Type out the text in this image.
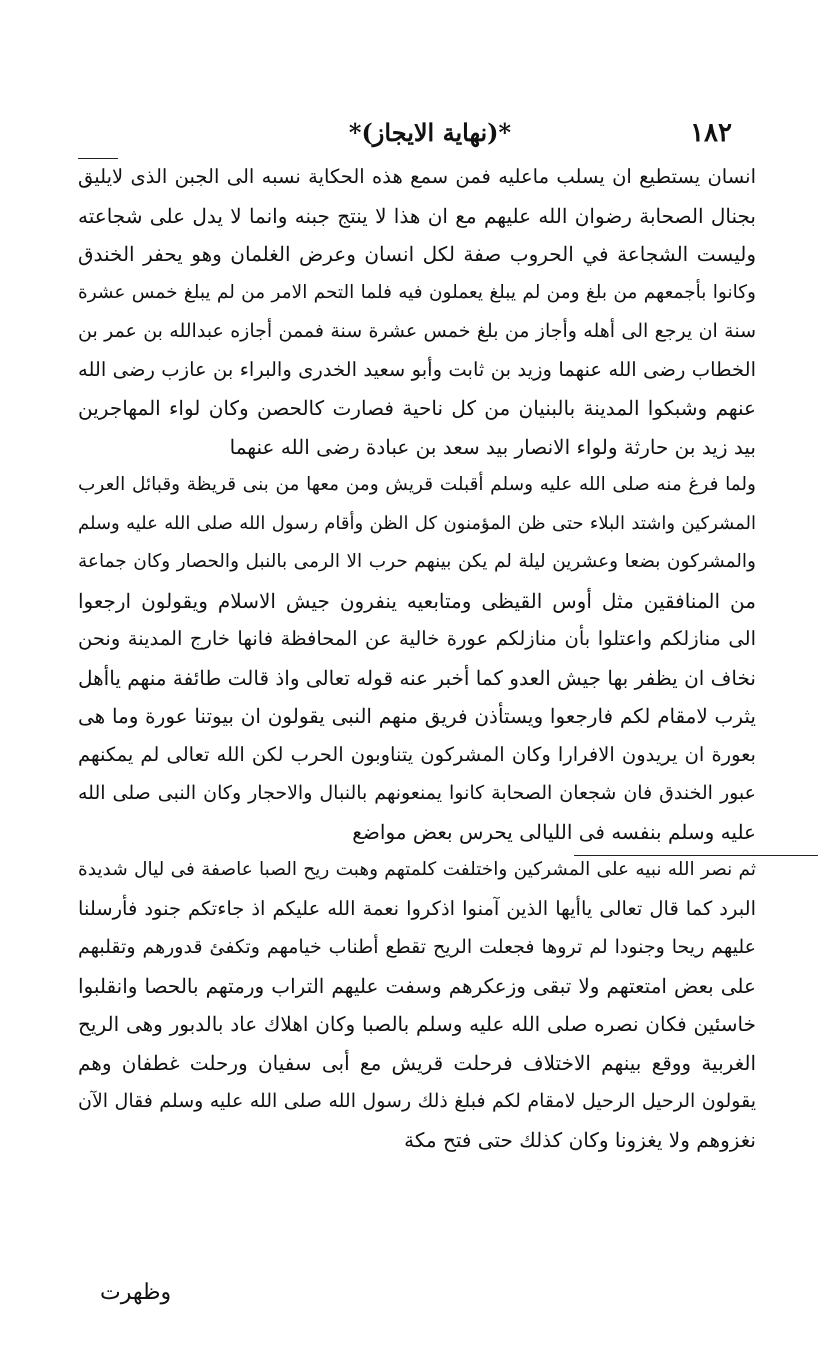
١٨٢
*(نهاية الايجاز)*
انسان يستطيع ان يسلب ماعليه فمن سمع هذه الحكاية نسبه الى الجبن الذى لايليق
بجنال الصحابة رضوان الله عليهم مع ان هذا لا ينتج جبنه وانما لا يدل على شجاعته
وليست الشجاعة في الحروب صفة لكل انسان وعرض الغلمان وهو يحفر الخندق
وكانوا بأجمعهم من بلغ ومن لم يبلغ يعملون فيه فلما التحم الامر من لم يبلغ خمس عشرة
سنة ان يرجع الى أهله وأجاز من بلغ خمس عشرة سنة فممن أجازه عبدالله بن عمر بن
الخطاب رضى الله عنهما وزيد بن ثابت وأبو سعيد الخدرى والبراء بن عازب رضى الله
عنهم وشبكوا المدينة بالبنيان من كل ناحية فصارت كالحصن وكان لواء المهاجرين
بيد زيد بن حارثة ولواء الانصار بيد سعد بن عبادة رضى الله عنهما
ولما فرغ منه صلى الله عليه وسلم أقبلت قريش ومن معها من بنى قريظة وقبائل العرب
المشركين واشتد البلاء حتى ظن المؤمنون كل الظن وأقام رسول الله صلى الله عليه وسلم
والمشركون بضعا وعشرين ليلة لم يكن بينهم حرب الا الرمى بالنبل والحصار وكان جماعة
من المنافقين مثل أوس القيظى ومتابعيه ينفرون جيش الاسلام ويقولون ارجعوا
الى منازلكم واعتلوا بأن منازلكم عورة خالية عن المحافظة فانها خارج المدينة ونحن
نخاف ان يظفر بها جيش العدو كما أخبر عنه قوله تعالى واذ قالت طائفة منهم ياأهل
يثرب لامقام لكم فارجعوا ويستأذن فريق منهم النبى يقولون ان بيوتنا عورة وما هى
بعورة ان يريدون الافرارا وكان المشركون يتناوبون الحرب لكن الله تعالى لم يمكنهم
عبور الخندق فان شجعان الصحابة كانوا يمنعونهم بالنبال والاحجار وكان النبى صلى الله
عليه وسلم بنفسه فى الليالى يحرس بعض مواضع
ثم نصر الله نبيه على المشركين واختلفت كلمتهم وهبت ريح الصبا عاصفة فى ليال شديدة
البرد كما قال تعالى ياأيها الذين آمنوا اذكروا نعمة الله عليكم اذ جاءتكم جنود فأرسلنا
عليهم ريحا وجنودا لم تروها فجعلت الريح تقطع أطناب خيامهم وتكفئ قدورهم وتقلبهم
على بعض امتعتهم ولا تبقى وزعكرهم وسفت عليهم التراب ورمتهم بالحصا وانقلبوا
خاسئين فكان نصره صلى الله عليه وسلم بالصبا وكان اهلاك عاد بالدبور وهى الريح
الغربية ووقع بينهم الاختلاف فرحلت قريش مع أبى سفيان ورحلت غطفان وهم
يقولون الرحيل الرحيل لامقام لكم فبلغ ذلك رسول الله صلى الله عليه وسلم فقال الآن
نغزوهم ولا يغزونا وكان كذلك حتى فتح مكة
وظهرت
